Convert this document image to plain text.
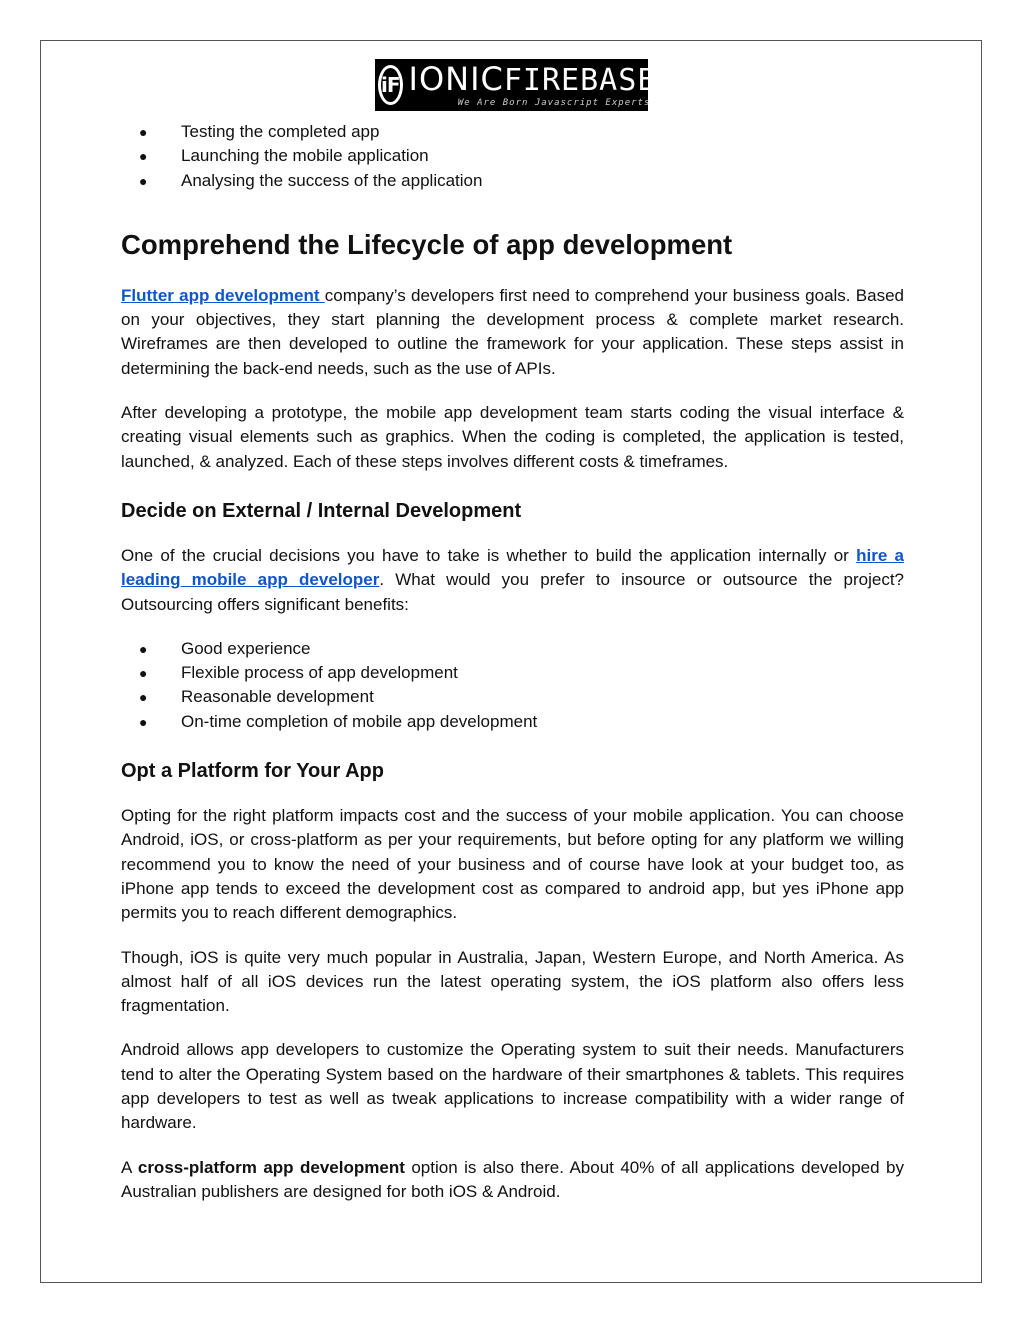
iF IONICFIREBASE
We Are Born Javascript Experts
● Testing the completed app
● Launching the mobile application
● Analysing the success of the application
Comprehend the Lifecycle of app development

Flutter app development company’s developers first need to comprehend your business goals. Based on your objectives, they start planning the development process & complete market research. Wireframes are then developed to outline the framework for your application. These steps assist in determining the back-end needs, such as the use of APIs.

After developing a prototype, the mobile app development team starts coding the visual interface & creating visual elements such as graphics. When the coding is completed, the application is tested, launched, & analyzed. Each of these steps involves different costs & timeframes.

Decide on External / Internal Development

One of the crucial decisions you have to take is whether to build the application internally or hire a leading mobile app developer. What would you prefer to insource or outsource the project? Outsourcing offers significant benefits:

● Good experience
● Flexible process of app development
● Reasonable development
● On-time completion of mobile app development
Opt a Platform for Your App

Opting for the right platform impacts cost and the success of your mobile application. You can choose Android, iOS, or cross-platform as per your requirements, but before opting for any platform we willing recommend you to know the need of your business and of course have look at your budget too, as iPhone app tends to exceed the development cost as compared to android app, but yes iPhone app permits you to reach different demographics.

Though, iOS is quite very much popular in Australia, Japan, Western Europe, and North America. As almost half of all iOS devices run the latest operating system, the iOS platform also offers less fragmentation.

Android allows app developers to customize the Operating system to suit their needs. Manufacturers tend to alter the Operating System based on the hardware of their smartphones & tablets. This requires app developers to test as well as tweak applications to increase compatibility with a wider range of hardware.

A cross-platform app development option is also there. About 40% of all applications developed by Australian publishers are designed for both iOS & Android.
